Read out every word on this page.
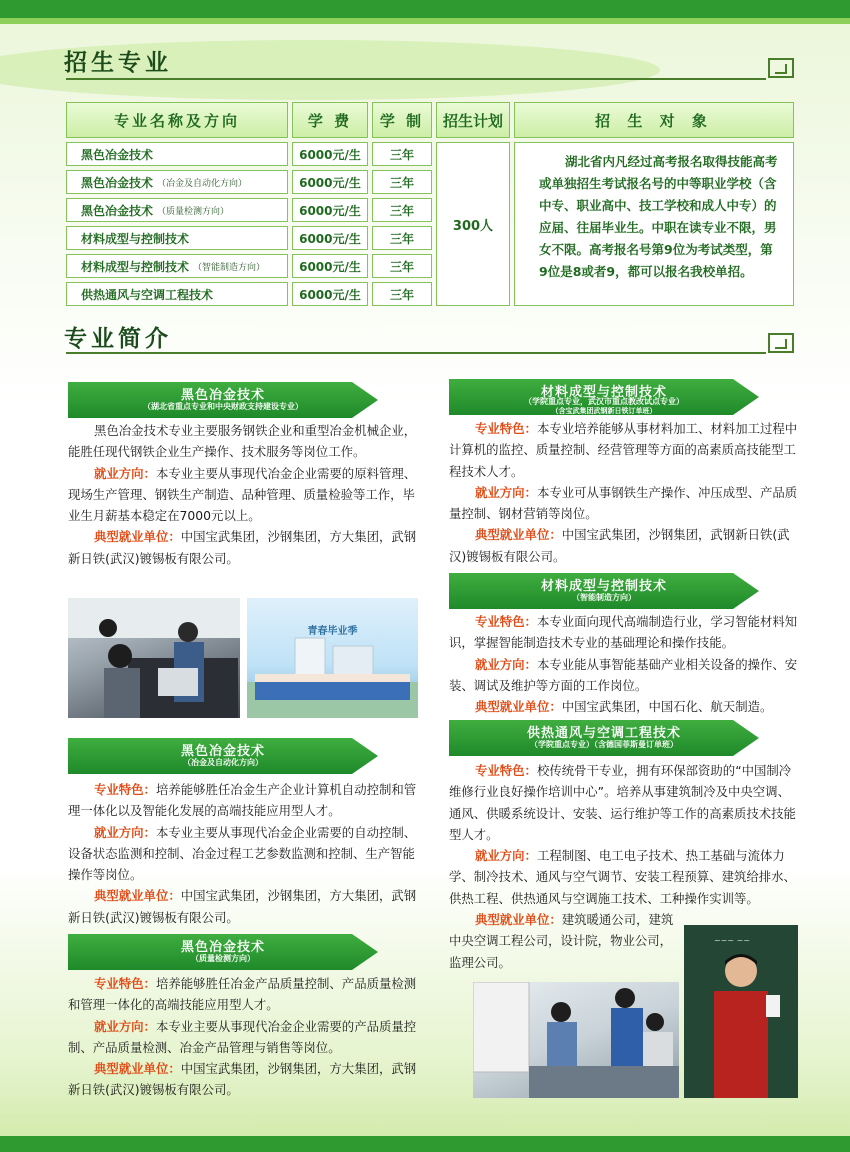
招生专业
专业名称及方向	学 费	学 制	招生计划	招 生 对 象
黑色冶金技术	6000元/生	三年
黑色冶金技术 （冶金及自动化方向）	6000元/生	三年
黑色冶金技术 （质量检测方向）	6000元/生	三年
材料成型与控制技术	6000元/生	三年
材料成型与控制技术 （智能制造方向）	6000元/生	三年
供热通风与空调工程技术	6000元/生	三年
300人
湖北省内凡经过高考报名取得技能高考或单独招生考试报名号的中等职业学校（含中专、职业高中、技工学校和成人中专）的应届、往届毕业生。中职在读专业不限，男女不限。高考报名号第9位为考试类型，第9位是8或者9，都可以报名我校单招。
专业简介
黑色冶金技术
（湖北省重点专业和中央财政支持建设专业）

黑色冶金技术专业主要服务钢铁企业和重型冶金机械企业，能胜任现代钢铁企业生产操作、技术服务等岗位工作。

就业方向：本专业主要从事现代冶金企业需要的原料管理、现场生产管理、钢铁生产制造、品种管理、质量检验等工作，毕业生月薪基本稳定在7000元以上。

典型就业单位：中国宝武集团，沙钢集团，方大集团，武钢新日铁(武汉)镀锡板有限公司。

青春毕业季
黑色冶金技术
（冶金及自动化方向）

专业特色：培养能够胜任冶金生产企业计算机自动控制和管理一体化以及智能化发展的高端技能应用型人才。

就业方向：本专业主要从事现代冶金企业需要的自动控制、设备状态监测和控制、冶金过程工艺参数监测和控制、生产智能操作等岗位。

典型就业单位：中国宝武集团，沙钢集团，方大集团，武钢新日铁(武汉)镀锡板有限公司。

黑色冶金技术
（质量检测方向）

专业特色：培养能够胜任冶金产品质量控制、产品质量检测和管理一体化的高端技能应用型人才。

就业方向：本专业主要从事现代冶金企业需要的产品质量控制、产品质量检测、冶金产品管理与销售等岗位。

典型就业单位：中国宝武集团，沙钢集团，方大集团，武钢新日铁(武汉)镀锡板有限公司。

材料成型与控制技术
（学院重点专业，武汉市重点教改试点专业）
（含宝武集团武钢新日铁订单班）

专业特色：本专业培养能够从事材料加工、材料加工过程中计算机的监控、质量控制、经营管理等方面的高素质高技能型工程技术人才。

就业方向：本专业可从事钢铁生产操作、冲压成型、产品质量控制、钢材营销等岗位。

典型就业单位：中国宝武集团，沙钢集团，武钢新日铁(武汉)镀锡板有限公司。

材料成型与控制技术
（智能制造方向）

专业特色：本专业面向现代高端制造行业，学习智能材料知识，掌握智能制造技术专业的基础理论和操作技能。

就业方向：本专业能从事智能基础产业相关设备的操作、安装、调试及维护等方面的工作岗位。

典型就业单位：中国宝武集团，中国石化、航天制造。

供热通风与空调工程技术
（学院重点专业）（含德国菲斯曼订单班）

专业特色：校传统骨干专业，拥有环保部资助的“中国制冷维修行业良好操作培训中心”。培养从事建筑制冷及中央空调、通风、供暖系统设计、安装、运行维护等工作的高素质技术技能型人才。

就业方向：工程制图、电工电子技术、热工基础与流体力学、制冷技术、通风与空气调节、安装工程预算、建筑给排水、供热工程、供热通风与空调施工技术、工种操作实训等。

典型就业单位：建筑暖通公司，建筑中央空调工程公司，设计院，物业公司，监理公司。

~~~ ~~
